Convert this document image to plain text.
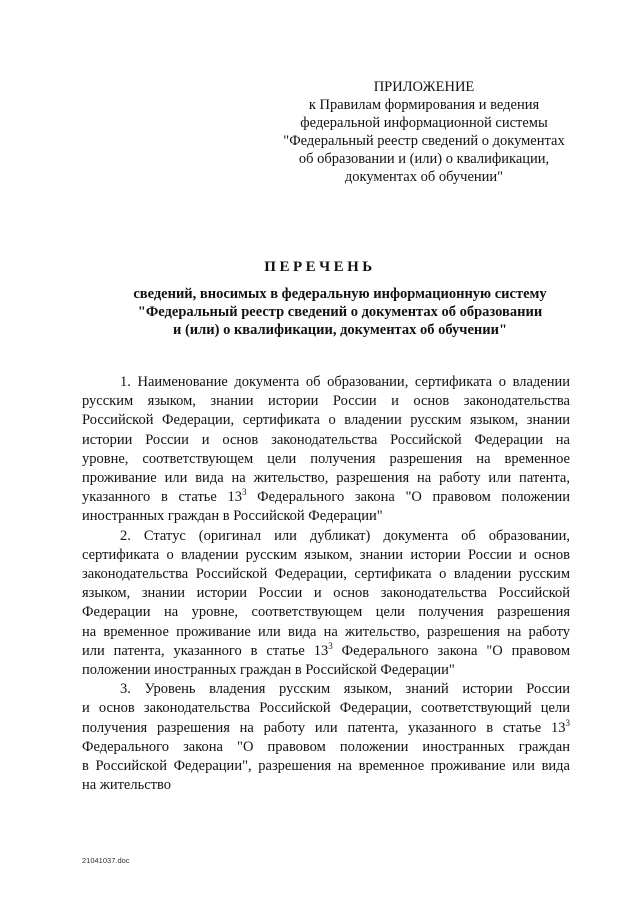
ПРИЛОЖЕНИЕ
к Правилам формирования и ведения
федеральной информационной системы
"Федеральный реестр сведений о документах
об образовании и (или) о квалификации,
документах об обучении"
ПЕРЕЧЕНЬ
сведений, вносимых в федеральную информационную систему
"Федеральный реестр сведений о документах об образовании
и (или) о квалификации, документах об обучении"
1. Наименование документа об образовании, сертификата о владении
русским языком, знании истории России и основ законодательства
Российской Федерации, сертификата о владении русским языком, знании
истории России и основ законодательства Российской Федерации на
уровне, соответствующем цели получения разрешения на временное
проживание или вида на жительство, разрешения на работу или патента,
указанного в статье $13^3$ Федерального закона "О правовом положении
иностранных граждан в Российской Федерации"
2. Статус (оригинал или дубликат) документа об образовании,
сертификата о владении русским языком, знании истории России и основ
законодательства Российской Федерации, сертификата о владении русским
языком, знании истории России и основ законодательства Российской
Федерации на уровне, соответствующем цели получения разрешения
на временное проживание или вида на жительство, разрешения на работу
или патента, указанного в статье $13^3$ Федерального закона "О правовом
положении иностранных граждан в Российской Федерации"
3. Уровень владения русским языком, знаний истории России
и основ законодательства Российской Федерации, соответствующий цели
получения разрешения на работу или патента, указанного в статье $13^3$
Федерального закона "О правовом положении иностранных граждан
в Российской Федерации", разрешения на временное проживание или вида
на жительство
21041037.doc
